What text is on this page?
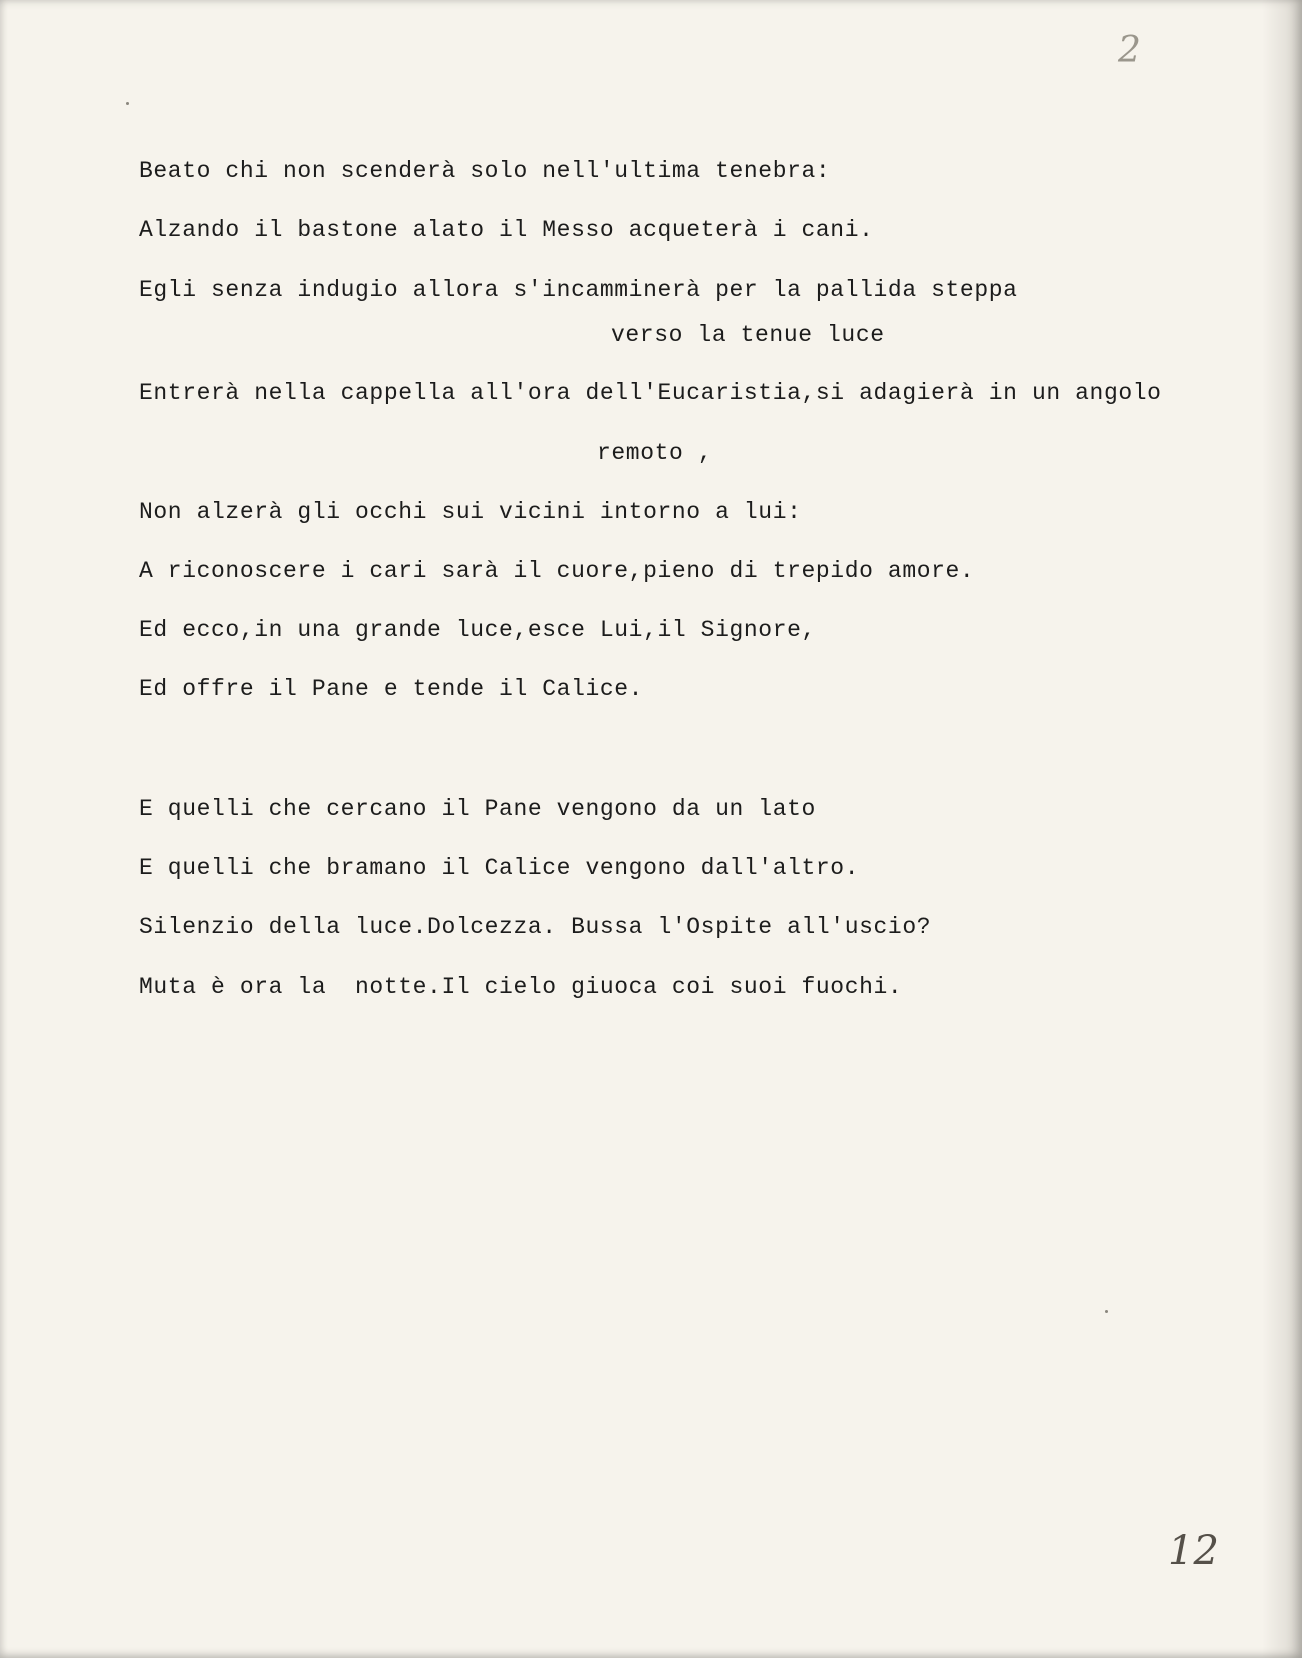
2
Beato chi non scenderà solo nell'ultima tenebra:
Alzando il bastone alato il Messo acqueterà i cani.
Egli senza indugio allora s'incamminerà per la pallida steppa
verso la tenue luce
Entrerà nella cappella all'ora dell'Eucaristia,si adagierà in un angolo
remoto ,
Non alzerà gli occhi sui vicini intorno a lui:
A riconoscere i cari sarà il cuore,pieno di trepido amore.
Ed ecco,in una grande luce,esce Lui,il Signore,
Ed offre il Pane e tende il Calice.
E quelli che cercano il Pane vengono da un lato
E quelli che bramano il Calice vengono dall'altro.
Silenzio della luce.Dolcezza. Bussa l'Ospite all'uscio?
Muta è ora la  notte.Il cielo giuoca coi suoi fuochi.
12
